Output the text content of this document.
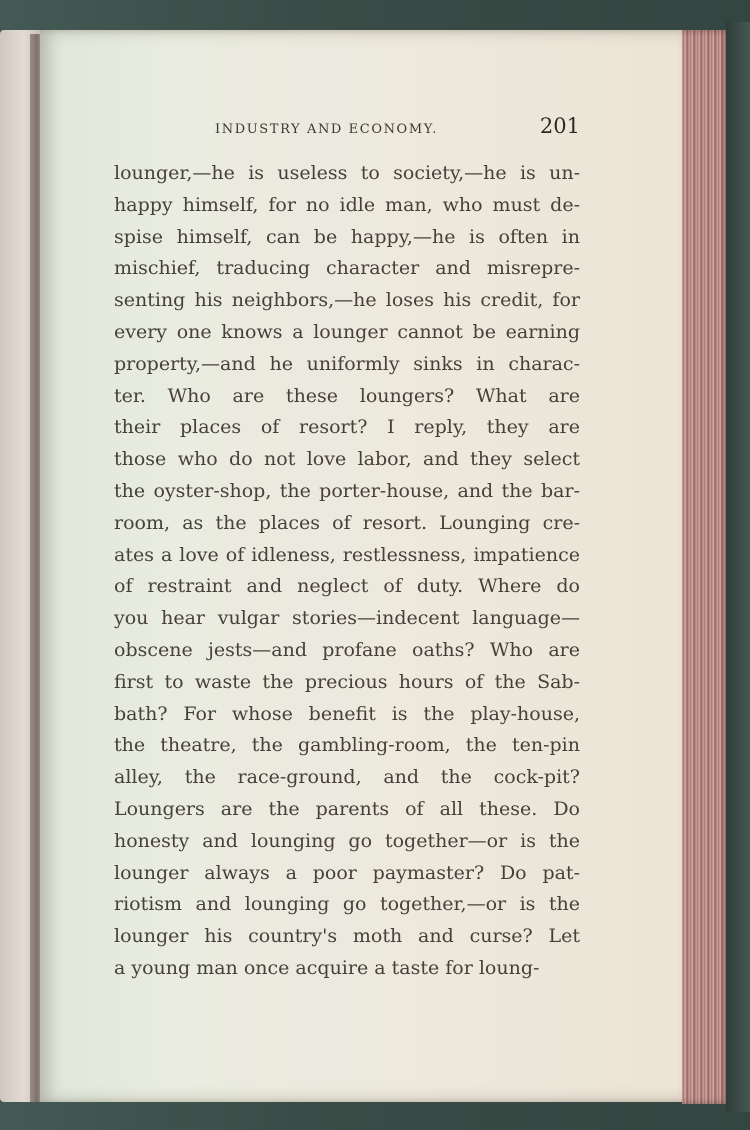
INDUSTRY AND ECONOMY.	201
lounger,—he is useless to society,—he is un-
happy himself, for no idle man, who must de-
spise himself, can be happy,—he is often in
mischief, traducing character and misrepre-
senting his neighbors,—he loses his credit, for
every one knows a lounger cannot be earning
property,—and he uniformly sinks in charac-
ter. Who are these loungers? What are
their places of resort? I reply, they are
those who do not love labor, and they select
the oyster-shop, the porter-house, and the bar-
room, as the places of resort. Lounging cre-
ates a love of idleness, restlessness, impatience
of restraint and neglect of duty. Where do
you hear vulgar stories—indecent language—
obscene jests—and profane oaths? Who are
first to waste the precious hours of the Sab-
bath? For whose benefit is the play-house,
the theatre, the gambling-room, the ten-pin
alley, the race-ground, and the cock-pit?
Loungers are the parents of all these. Do
honesty and lounging go together—or is the
lounger always a poor paymaster? Do pat-
riotism and lounging go together,—or is the
lounger his country's moth and curse? Let
a young man once acquire a taste for loung-
